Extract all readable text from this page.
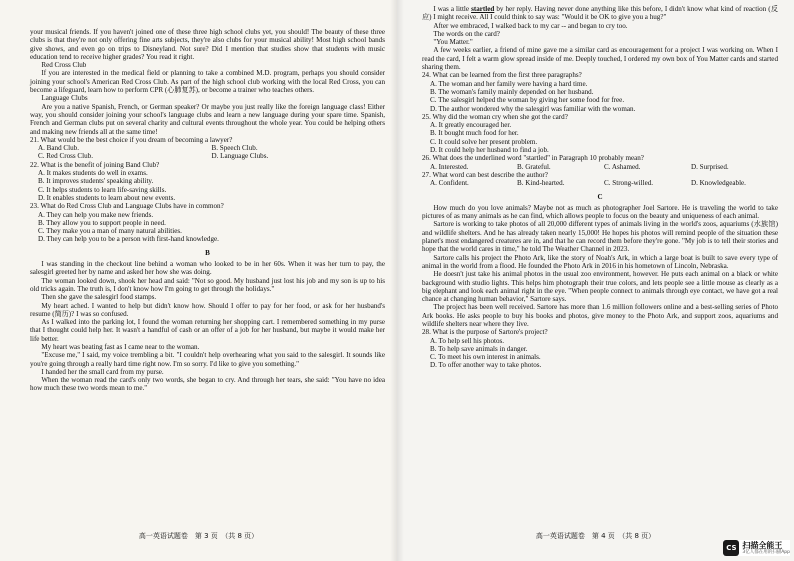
your musical friends. If you haven't joined one of these three high school clubs yet, you should! The beauty of these three clubs is that they're not only offering fine arts subjects, they're also clubs for your musical ability! Most high school bands give shows, and even go on trips to Disneyland. Not sure? Did I mention that studies show that students with music education tend to receive higher grades? You read it right.

Red Cross Club

If you are interested in the medical field or planning to take a combined M.D. program, perhaps you should consider joining your school's American Red Cross Club. As part of the high school club working with the local Red Cross, you can become a lifeguard, learn how to perform CPR (心肺复苏), or become a trainer who teaches others.

Language Clubs

Are you a native Spanish, French, or German speaker? Or maybe you just really like the foreign language class! Either way, you should consider joining your school's language clubs and learn a new language during your spare time. Spanish, French and German clubs put on several charity and cultural events throughout the whole year. You could be helping others and making new friends all at the same time!

21. What would be the best choice if you dream of becoming a lawyer?

A. Band Club.	B. Speech Club.
C. Red Cross Club.	D. Language Clubs.

22. What is the benefit of joining Band Club?

A. It makes students do well in exams.

B. It improves students' speaking ability.

C. It helps students to learn life-saving skills.

D. It enables students to learn about new events.

23. What do Red Cross Club and Language Clubs have in common?

A. They can help you make new friends.

B. They allow you to support people in need.

C. They make you a man of many natural abilities.

D. They can help you to be a person with first-hand knowledge.

B

I was standing in the checkout line behind a woman who looked to be in her 60s. When it was her turn to pay, the salesgirl greeted her by name and asked her how she was doing.

The woman looked down, shook her head and said: "Not so good. My husband just lost his job and my son is up to his old tricks again. The truth is, I don't know how I'm going to get through the holidays."

Then she gave the salesgirl food stamps.

My heart ached. I wanted to help but didn't know how. Should I offer to pay for her food, or ask for her husband's resume (简历)? I was so confused.

As I walked into the parking lot, I found the woman returning her shopping cart. I remembered something in my purse that I thought could help her. It wasn't a handful of cash or an offer of a job for her husband, but maybe it would make her life better.

My heart was beating fast as I came near to the woman.

"Excuse me," I said, my voice trembling a bit. "I couldn't help overhearing what you said to the salesgirl. It sounds like you're going through a really hard time right now. I'm so sorry. I'd like to give you something."

I handed her the small card from my purse.

When the woman read the card's only two words, she began to cry. And through her tears, she said: "You have no idea how much these two words mean to me."

高一英语试题卷　第 3 页　（共 8 页）

I was a little startled by her reply. Having never done anything like this before, I didn't know what kind of reaction (反应) I might receive. All I could think to say was: "Would it be OK to give you a hug?"

After we embraced, I walked back to my car -- and began to cry too.

The words on the card?

"You Matter."

A few weeks earlier, a friend of mine gave me a similar card as encouragement for a project I was working on. When I read the card, I felt a warm glow spread inside of me. Deeply touched, I ordered my own box of You Matter cards and started sharing them.

24. What can be learned from the first three paragraphs?

A. The woman and her family were having a hard time.

B. The woman's family mainly depended on her husband.

C. The salesgirl helped the woman by giving her some food for free.

D. The author wondered why the salesgirl was familiar with the woman.

25. Why did the woman cry when she got the card?

A. It greatly encouraged her.

B. It bought much food for her.

C. It could solve her present problem.

D. It could help her husband to find a job.

26. What does the underlined word "startled" in Paragraph 10 probably mean?

A. Interested.	B. Grateful.	C. Ashamed.	D. Surprised.

27. What word can best describe the author?

A. Confident.	B. Kind-hearted.	C. Strong-willed.	D. Knowledgeable.
C

How much do you love animals? Maybe not as much as photographer Joel Sartore. He is traveling the world to take pictures of as many animals as he can find, which allows people to focus on the beauty and uniqueness of each animal.

Sartore is working to take photos of all 20,000 different types of animals living in the world's zoos, aquariums (水族馆) and wildlife shelters. And he has already taken nearly 15,000! He hopes his photos will remind people of the situation these planet's most endangered creatures are in, and that he can record them before they're gone. "My job is to tell their stories and hope that the world cares in time," he told The Weather Channel in 2023.

Sartore calls his project the Photo Ark, like the story of Noah's Ark, in which a large boat is built to save every type of animal in the world from a flood. He founded the Photo Ark in 2016 in his hometown of Lincoln, Nebraska.

He doesn't just take his animal photos in the usual zoo environment, however. He puts each animal on a black or white background with studio lights. This helps him photograph their true colors, and lets people see a little mouse as clearly as a big elephant and look each animal right in the eye. "When people connect to animals through eye contact, we have got a real chance at changing human behavior," Sartore says.

The project has been well received. Sartore has more than 1.6 million followers online and a best-selling series of Photo Ark books. He asks people to buy his books and photos, give money to the Photo Ark, and support zoos, aquariums and wildlife shelters near where they live.

28. What is the purpose of Sartore's project?

A. To help sell his photos.

B. To help save animals in danger.

C. To meet his own interest in animals.

D. To offer another way to take photos.

高一英语试题卷　第 4 页　（共 8 页）
CS 扫描全能王
3亿人都在用的扫描App
